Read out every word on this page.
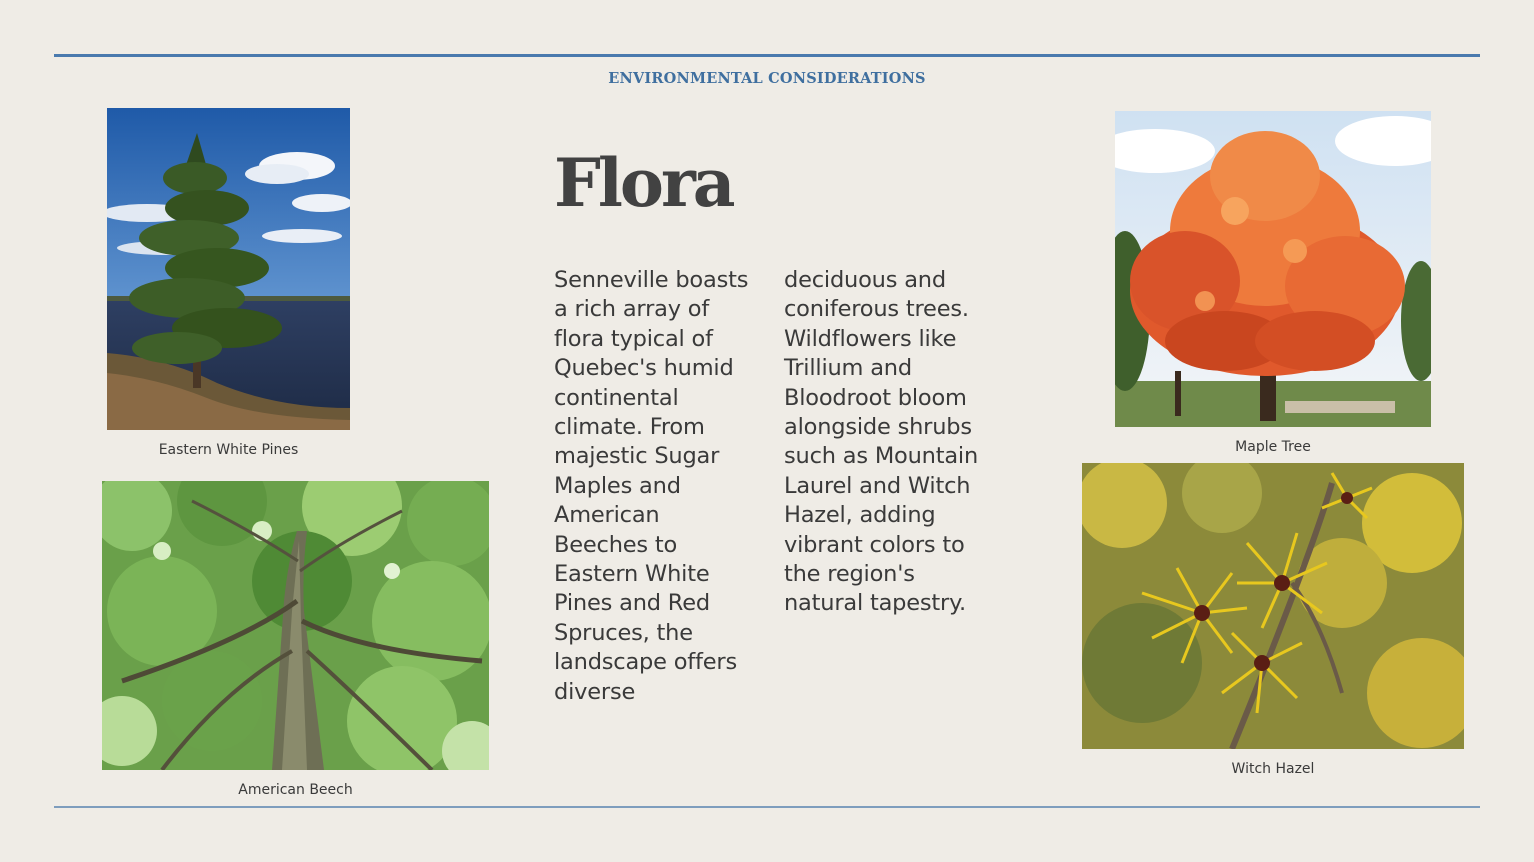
ENVIRONMENTAL CONSIDERATIONS
Eastern White Pines
American Beech
Flora
Senneville boasts a rich array of flora typical of Quebec's humid continental climate. From majestic Sugar Maples and American Beeches to Eastern White Pines and Red Spruces, the landscape offers diverse deciduous and coniferous trees. Wildflowers like Trillium and Bloodroot bloom alongside shrubs such as Mountain Laurel and Witch Hazel, adding vibrant colors to the region's natural tapestry.
Maple Tree
Witch Hazel
